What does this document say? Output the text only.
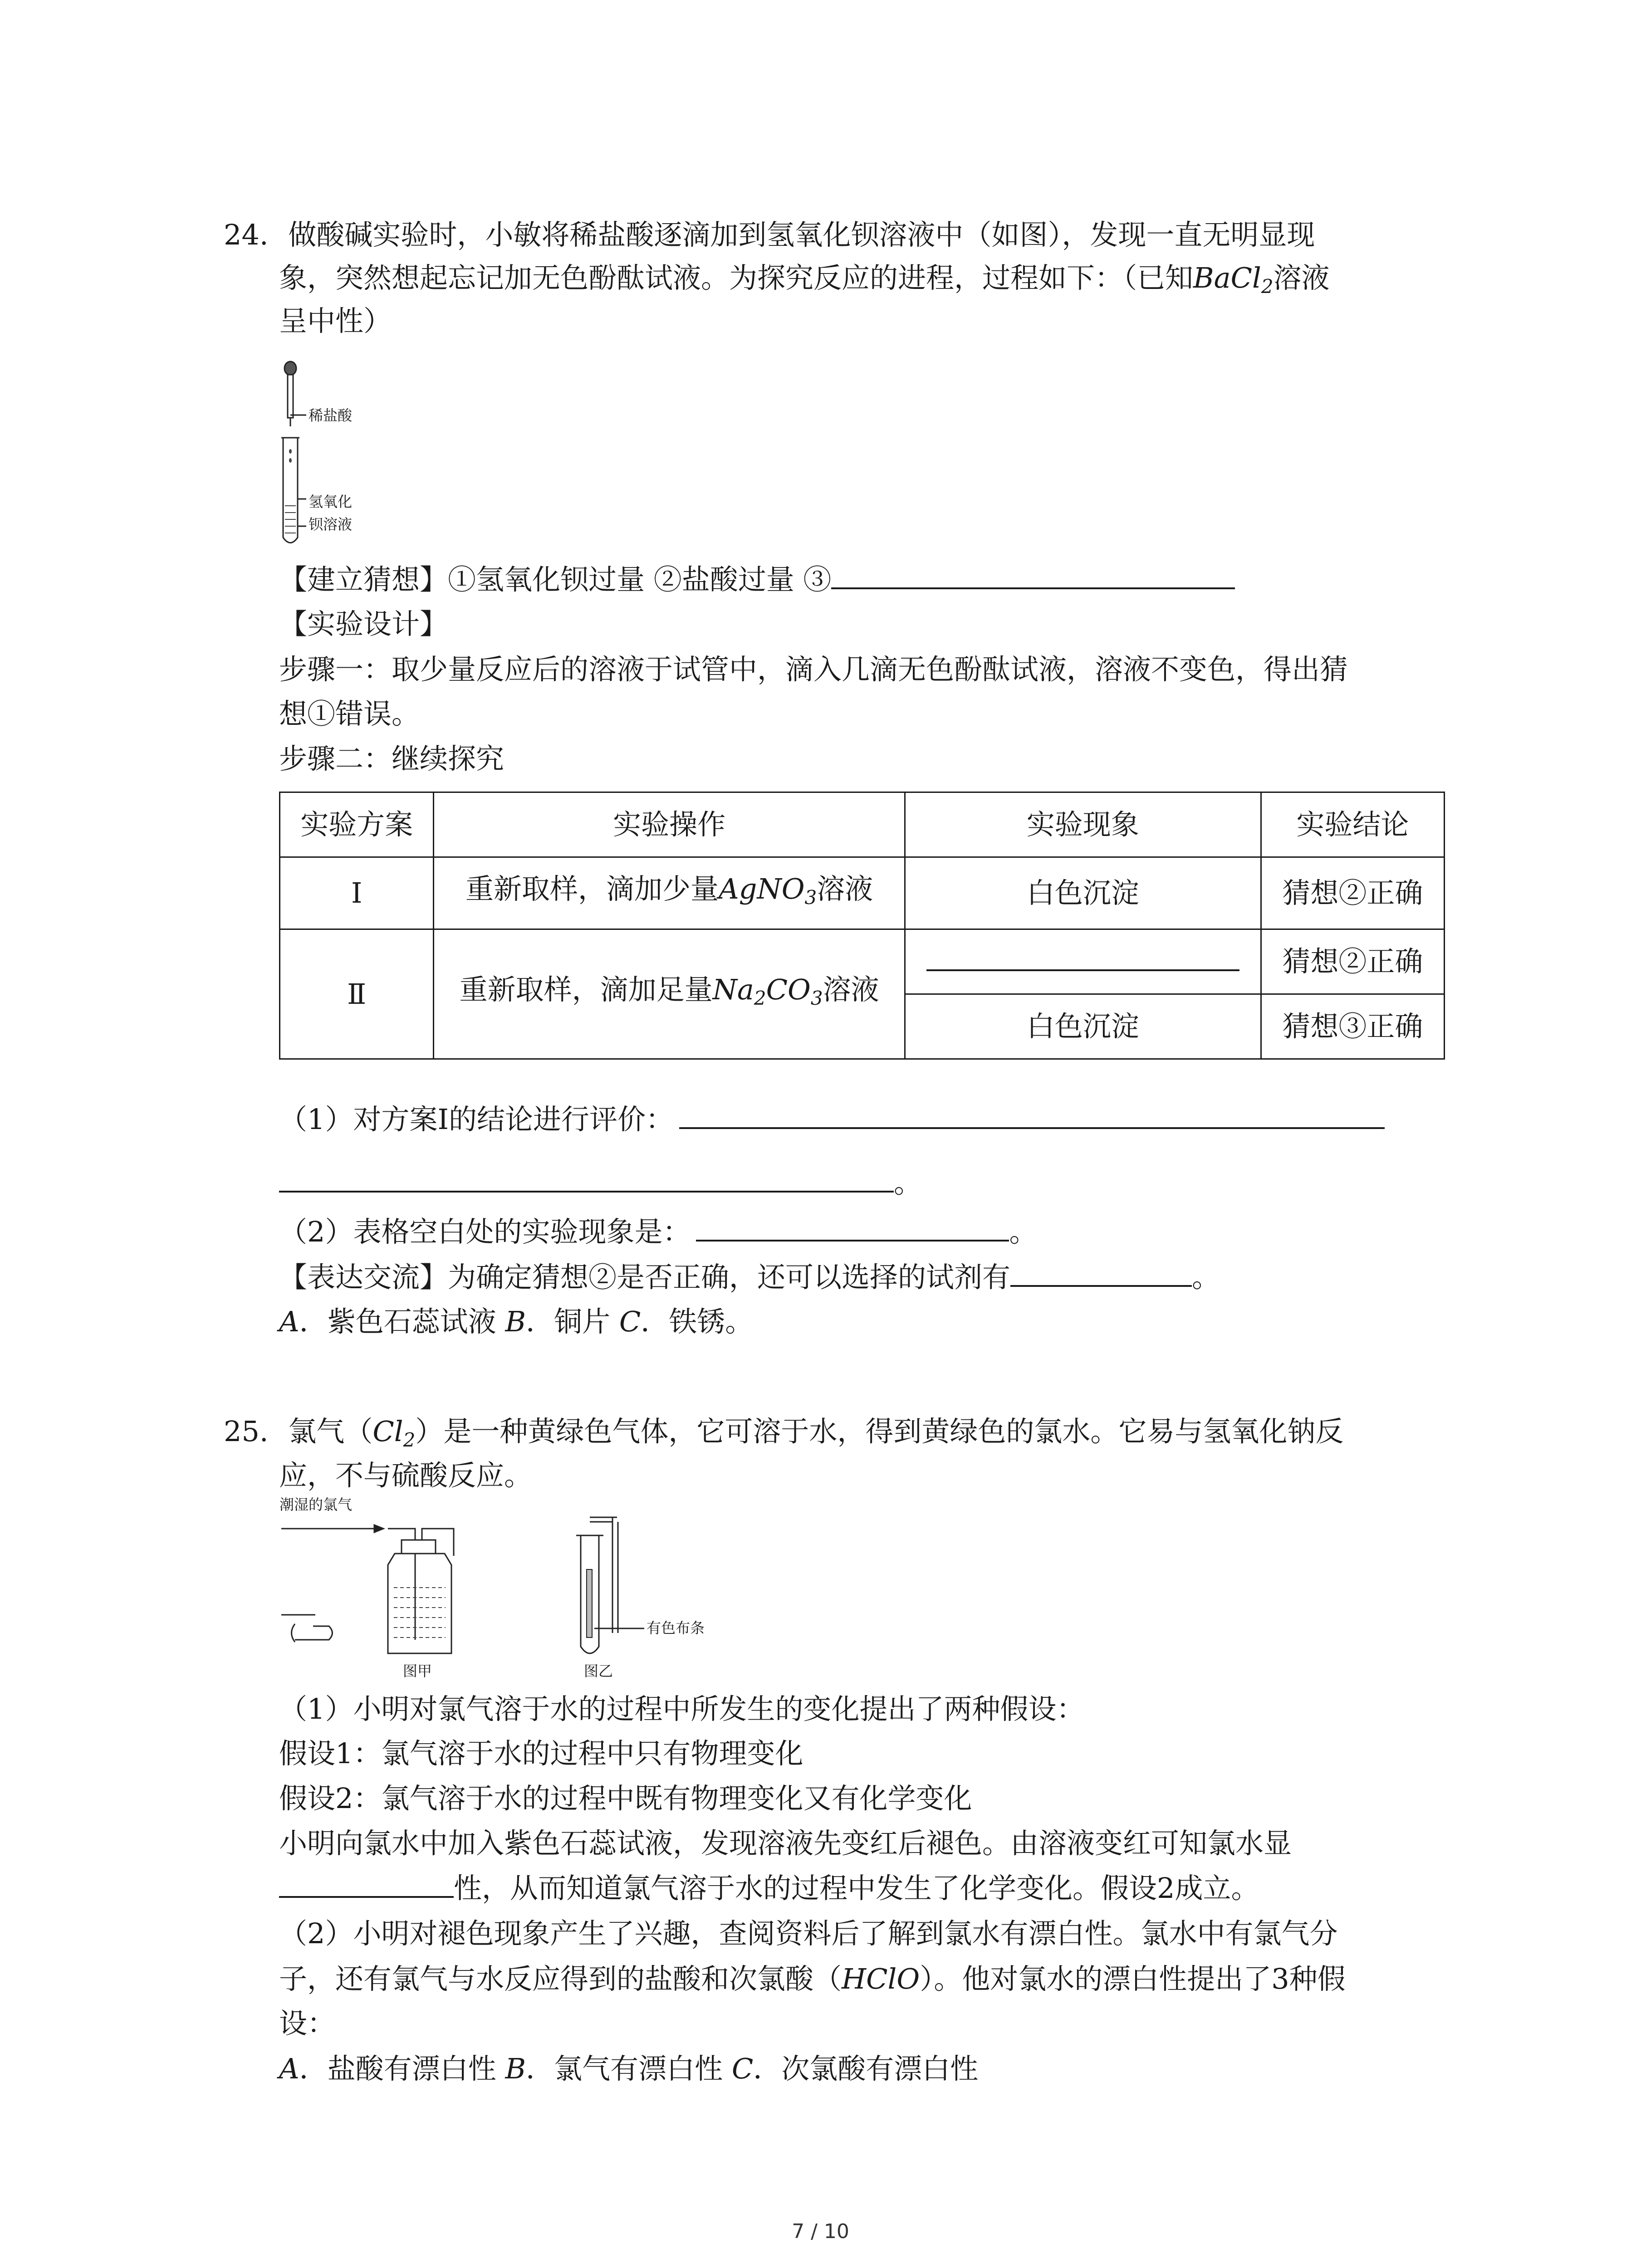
24. 做酸碱实验时，小敏将稀盐酸逐滴加到氢氧化钡溶液中（如图），发现一直无明显现
象，突然想起忘记加无色酚酞试液。为探究反应的进程，过程如下：（已知BaCl$_2$溶液
呈中性）
稀盐酸
氢氧化
钡溶液
【建立猜想】①氢氧化钡过量 ②盐酸过量 ③
【实验设计】
步骤一：取少量反应后的溶液于试管中，滴入几滴无色酚酞试液，溶液不变色，得出猜
想①错误。
步骤二：继续探究
实验方案	实验操作	实验现象	实验结论
Ⅰ	重新取样，滴加少量AgNO$_3$溶液	白色沉淀	猜想②正确
Ⅱ	重新取样，滴加足量$Na_2CO_3$溶液		猜想②正确
		白色沉淀	猜想③正确
（1）对方案Ⅰ的结论进行评价：
。
（2）表格空白处的实验现象是：	。
【表达交流】为确定猜想②是否正确，还可以选择的试剂有	。
A．紫色石蕊试液 B．铜片 C．铁锈。
25. 氯气$(Cl_2)$是一种黄绿色气体，它可溶于水，得到黄绿色的氯水。它易与氢氧化钠反
应，不与硫酸反应。
潮湿的氯气
图甲	图乙
有色布条
（1）小明对氯气溶于水的过程中所发生的变化提出了两种假设：
假设1：氯气溶于水的过程中只有物理变化
假设2：氯气溶于水的过程中既有物理变化又有化学变化
小明向氯水中加入紫色石蕊试液，发现溶液先变红后褪色。由溶液变红可知氯水显
性，从而知道氯气溶于水的过程中发生了化学变化。假设2成立。
（2）小明对褪色现象产生了兴趣，查阅资料后了解到氯水有漂白性。氯水中有氯气分
子，还有氯气与水反应得到的盐酸和次氯酸（HClO）。他对氯水的漂白性提出了3种假
设：
A．盐酸有漂白性 B．氯气有漂白性 C．次氯酸有漂白性
7 / 10
